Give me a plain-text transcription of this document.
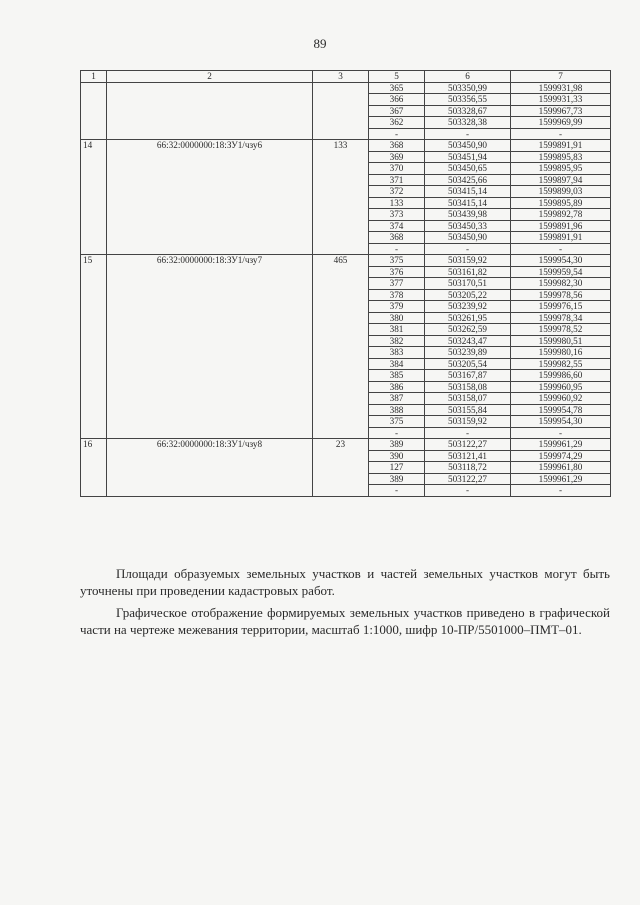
89
1	2	3	5	6	7
			365	503350,99	1599931,98
			366	503356,55	1599931,33
			367	503328,67	1599967,73
			362	503328,38	1599969,99
			-	-	-
14	66:32:0000000:18:ЗУ1/чзу6	133	368	503450,90	1599891,91
			369	503451,94	1599895,83
			370	503450,65	1599895,95
			371	503425,66	1599897,94
			372	503415,14	1599899,03
			133	503415,14	1599895,89
			373	503439,98	1599892,78
			374	503450,33	1599891,96
			368	503450,90	1599891,91
			-	-	-
15	66:32:0000000:18:ЗУ1/чзу7	465	375	503159,92	1599954,30
			376	503161,82	1599959,54
			377	503170,51	1599982,30
			378	503205,22	1599978,56
			379	503239,92	1599976,15
			380	503261,95	1599978,34
			381	503262,59	1599978,52
			382	503243,47	1599980,51
			383	503239,89	1599980,16
			384	503205,54	1599982,55
			385	503167,87	1599986,60
			386	503158,08	1599960,95
			387	503158,07	1599960,92
			388	503155,84	1599954,78
			375	503159,92	1599954,30
			-	-	-
16	66:32:0000000:18:ЗУ1/чзу8	23	389	503122,27	1599961,29
			390	503121,41	1599974,29
			127	503118,72	1599961,80
			389	503122,27	1599961,29
			-	-	-

Площади образуемых земельных участков и частей земельных участков могут быть уточнены при проведении кадастровых работ.

Графическое отображение формируемых земельных участков приведено в графической части на чертеже межевания территории, масштаб 1:1000, шифр 10-ПР/5501000–ПМТ–01.
